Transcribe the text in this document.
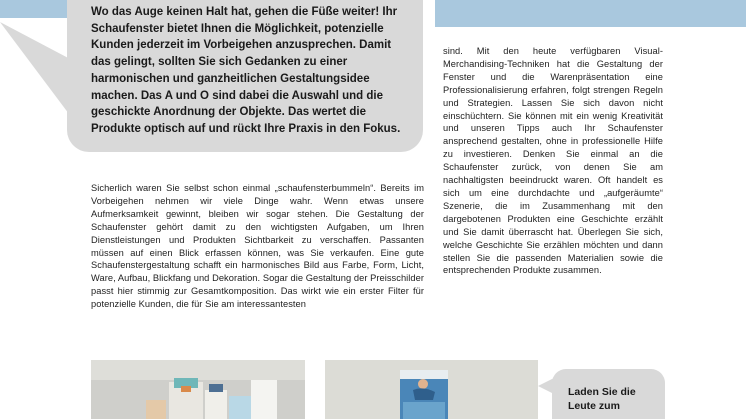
Wo das Auge keinen Halt hat, gehen die Füße weiter! Ihr Schaufenster bietet Ihnen die Möglichkeit, potenzielle Kunden jederzeit im Vorbeigehen anzusprechen. Damit das gelingt, sollten Sie sich Gedanken zu einer harmonischen und ganzheitlichen Gestaltungsidee machen. Das A und O sind dabei die Auswahl und die geschickte Anordnung der Objekte. Das wertet die Produkte optisch auf und rückt Ihre Praxis in den Fokus.

Sicherlich waren Sie selbst schon einmal „schaufensterbummeln“. Bereits im Vorbeigehen nehmen wir viele Dinge wahr. Wenn etwas unsere Aufmerksamkeit gewinnt, bleiben wir sogar stehen. Die Gestaltung der Schaufenster gehört damit zu den wichtigsten Aufgaben, um Ihren Dienstleistungen und Produkten Sichtbarkeit zu verschaffen. Passanten müssen auf einen Blick erfassen können, was Sie verkaufen. Eine gute Schaufenstergestaltung schafft ein harmonisches Bild aus Farbe, Form, Licht, Ware, Aufbau, Blickfang und Dekoration. Sogar die Gestaltung der Preisschilder passt hier stimmig zur Gesamtkomposition. Das wirkt wie ein erster Filter für potenzielle Kunden, die für Sie am interessantesten

sind. Mit den heute verfügbaren Visual-Merchandising-Techniken hat die Gestaltung der Fenster und die Warenpräsentation eine Professionalisierung erfahren, folgt strengen Regeln und Strategien. Lassen Sie sich davon nicht einschüchtern. Sie können mit ein wenig Kreativität und unseren Tipps auch Ihr Schaufenster ansprechend gestalten, ohne in professionelle Hilfe zu investieren. Denken Sie einmal an die Schaufenster zurück, von denen Sie am nachhaltigsten beeindruckt waren. Oft handelt es sich um eine durchdachte und „aufgeräumte“ Szenerie, die im Zusammenhang mit den dargebotenen Produkten eine Geschichte erzählt und Sie damit überrascht hat. Überlegen Sie sich, welche Geschichte Sie erzählen möchten und dann stellen Sie die passenden Materialien sowie die entsprechenden Produkte zusammen.

Laden Sie die Leute zum
